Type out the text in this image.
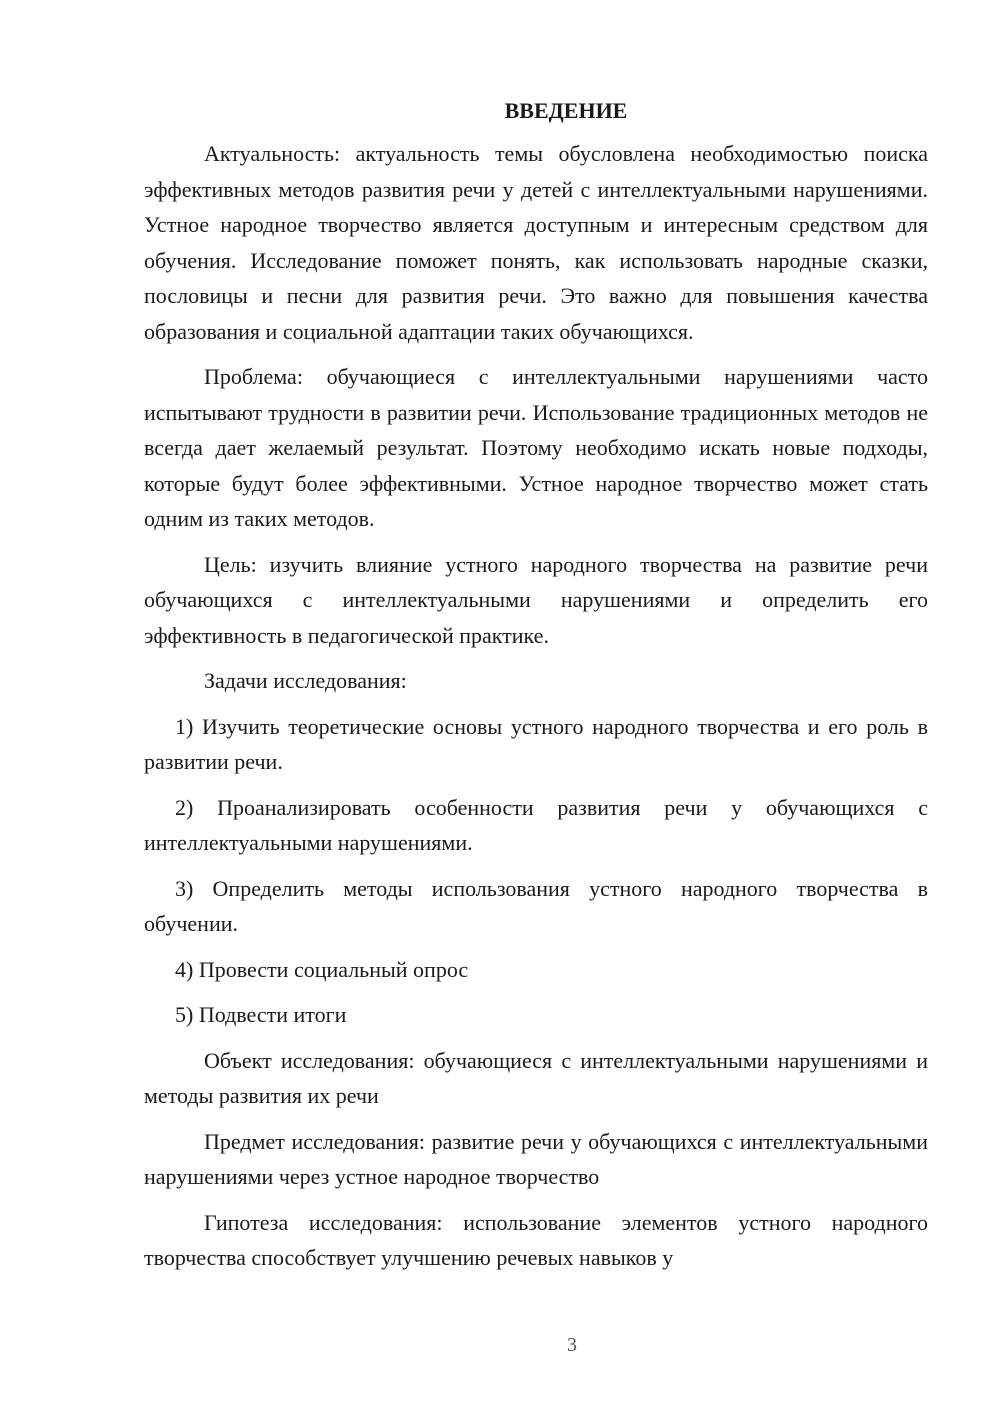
ВВЕДЕНИЕ

Актуальность: актуальность темы обусловлена необходимостью поиска эффективных методов развития речи у детей с интеллектуальными нарушениями. Устное народное творчество является доступным и интересным средством для обучения. Исследование поможет понять, как использовать народные сказки, пословицы и песни для развития речи. Это важно для повышения качества образования и социальной адаптации таких обучающихся.

Проблема: обучающиеся с интеллектуальными нарушениями часто испытывают трудности в развитии речи. Использование традиционных методов не всегда дает желаемый результат. Поэтому необходимо искать новые подходы, которые будут более эффективными. Устное народное творчество может стать одним из таких методов.

Цель: изучить влияние устного народного творчества на развитие речи обучающихся с интеллектуальными нарушениями и определить его эффективность в педагогической практике.

Задачи исследования:

1) Изучить теоретические основы устного народного творчества и его роль в развитии речи.

2) Проанализировать особенности развития речи у обучающихся с интеллектуальными нарушениями.

3) Определить методы использования устного народного творчества в обучении.

4) Провести социальный опрос

5) Подвести итоги

Объект исследования: обучающиеся с интеллектуальными нарушениями и методы развития их речи

Предмет исследования: развитие речи у обучающихся с интеллектуальными нарушениями через устное народное творчество

Гипотеза исследования: использование элементов устного народного творчества способствует улучшению речевых навыков у

3
